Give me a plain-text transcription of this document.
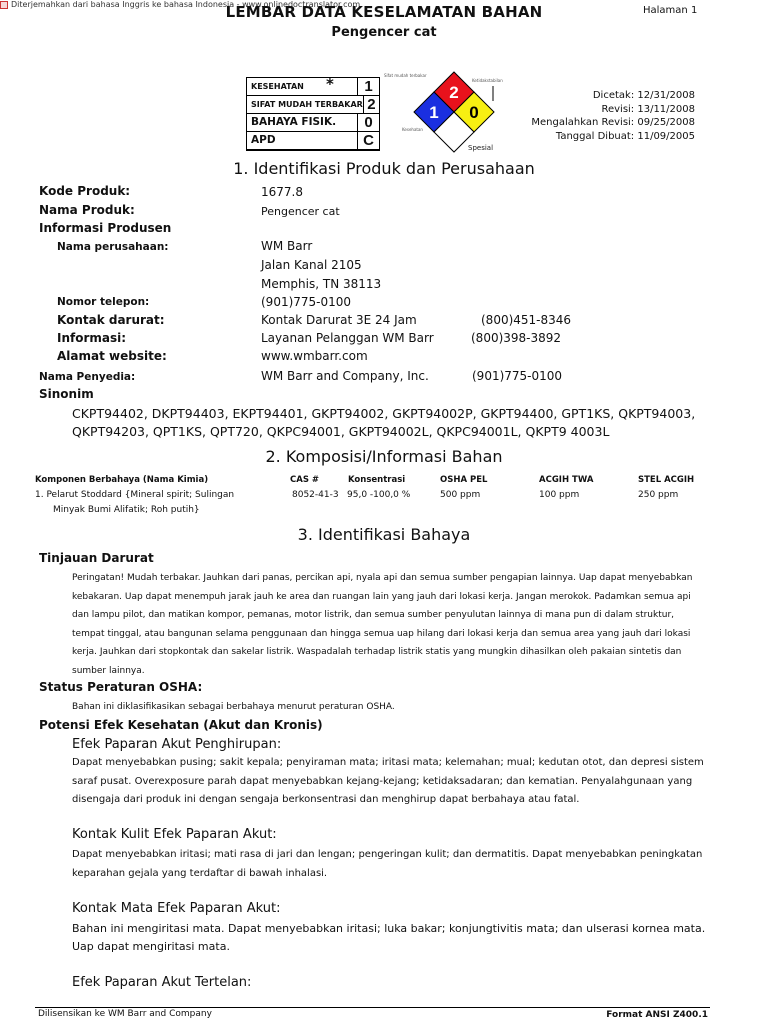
Diterjemahkan dari bahasa Inggris ke bahasa Indonesia - www.onlinedoctranslator.com
LEMBAR DATA KESELAMATAN BAHAN
Pengencer cat
Halaman 1
KESEHATAN	1
SIFAT MUDAH TERBAKAR 2
BAHAYA FISIK.	0
APD	C
*	2
1 0
Sifat mudah terbakar
Ketidakstabilan
Kesehatan
Spesial
Dicetak: 12/31/2008
Revisi: 13/11/2008
Mengalahkan Revisi: 09/25/2008
Tanggal Dibuat: 11/09/2005
1. Identifikasi Produk dan Perusahaan
Kode Produk:	1677.8
Nama Produk:	Pengencer cat
Informasi Produsen
Nama perusahaan:	WM Barr
Jalan Kanal 2105
Memphis, TN 38113
Nomor telepon:	(901)775-0100
Kontak darurat:	Kontak Darurat 3E 24 Jam	(800)451-8346
Informasi:	Layanan Pelanggan WM Barr	(800)398-3892
Alamat website:	www.wmbarr.com
Nama Penyedia:	WM Barr and Company, Inc.	(901)775-0100
Sinonim
CKPT94402, DKPT94403, EKPT94401, GKPT94002, GKPT94002P, GKPT94400, GPT1KS, QKPT94003, QKPT94203, QPT1KS, QPT720, QKPC94001, GKPT94002L, QKPC94001L, QKPT9 4003L
2. Komposisi/Informasi Bahan
Komponen Berbahaya (Nama Kimia)	CAS #	Konsentrasi	OSHA PEL	ACGIH TWA	STEL ACGIH
1. Pelarut Stoddard {Mineral spirit; Sulingan
Minyak Bumi Alifatik; Roh putih}
8052-41-3 95,0 -100,0 %	500 ppm	100 ppm	250 ppm
3. Identifikasi Bahaya
Tinjauan Darurat
Peringatan! Mudah terbakar. Jauhkan dari panas, percikan api, nyala api dan semua sumber pengapian lainnya. Uap dapat menyebabkan kebakaran. Uap dapat menempuh jarak jauh ke area dan ruangan lain yang jauh dari lokasi kerja. Jangan merokok. Padamkan semua api dan lampu pilot, dan matikan kompor, pemanas, motor listrik, dan semua sumber penyulutan lainnya di mana pun di dalam struktur, tempat tinggal, atau bangunan selama penggunaan dan hingga semua uap hilang dari lokasi kerja dan semua area yang jauh dari lokasi kerja. Jauhkan dari stopkontak dan sakelar listrik. Waspadalah terhadap listrik statis yang mungkin dihasilkan oleh pakaian sintetis dan sumber lainnya.
Status Peraturan OSHA:
Bahan ini diklasifikasikan sebagai berbahaya menurut peraturan OSHA.
Potensi Efek Kesehatan (Akut dan Kronis)
Efek Paparan Akut Penghirupan:
Dapat menyebabkan pusing; sakit kepala; penyiraman mata; iritasi mata; kelemahan; mual; kedutan otot, dan depresi sistem saraf pusat. Overexposure parah dapat menyebabkan kejang-kejang; ketidaksadaran; dan kematian. Penyalahgunaan yang disengaja dari produk ini dengan sengaja berkonsentrasi dan menghirup dapat berbahaya atau fatal.
Kontak Kulit Efek Paparan Akut:
Dapat menyebabkan iritasi; mati rasa di jari dan lengan; pengeringan kulit; dan dermatitis. Dapat menyebabkan peningkatan keparahan gejala yang terdaftar di bawah inhalasi.
Kontak Mata Efek Paparan Akut:
Bahan ini mengiritasi mata. Dapat menyebabkan iritasi; luka bakar; konjungtivitis mata; dan ulserasi kornea mata. Uap dapat mengiritasi mata.
Efek Paparan Akut Tertelan:
Dilisensikan ke WM Barr and Company	Format ANSI Z400.1
